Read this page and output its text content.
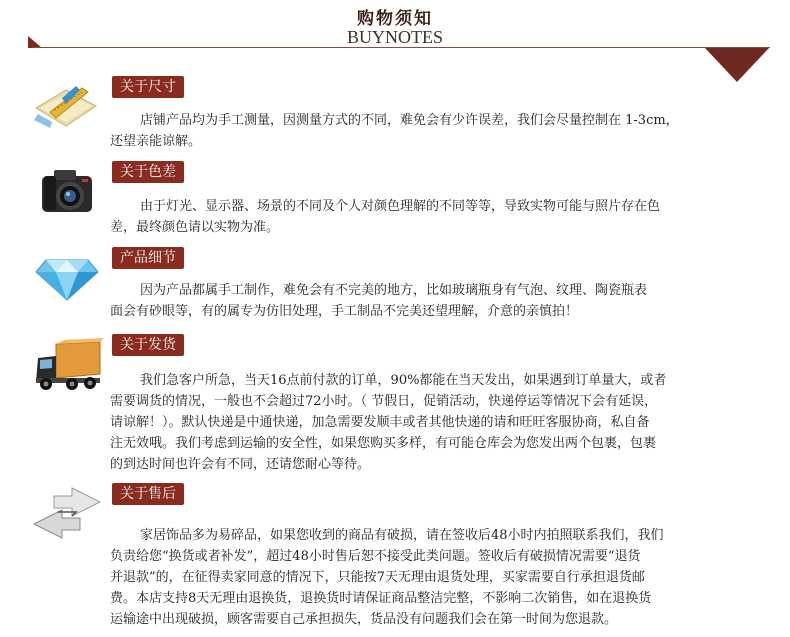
购物须知
BUYNOTES
关于尺寸
店铺产品均为手工测量，因测量方式的不同，难免会有少许误差，我们会尽量控制在 1-3cm，
还望亲能谅解。
关于色差
由于灯光、显示器、场景的不同及个人对颜色理解的不同等等，导致实物可能与照片存在色
差，最终颜色请以实物为准。
产品细节
因为产品都属手工制作，难免会有不完美的地方，比如玻璃瓶身有气泡、纹理、陶瓷瓶表
面会有砂眼等，有的属专为仿旧处理，手工制品不完美还望理解，介意的亲慎拍！
关于发货
我们急客户所急，当天16点前付款的订单，90%都能在当天发出，如果遇到订单量大，或者
需要调货的情况，一般也不会超过72小时。（ 节假日，促销活动，快递停运等情况下会有延误，
请谅解！）。默认快递是中通快递，加急需要发顺丰或者其他快递的请和旺旺客服协商，私自备
注无效哦。我们考虑到运输的安全性，如果您购买多样，有可能仓库会为您发出两个包裹，包裹
的到达时间也许会有不同，还请您耐心等待。
关于售后
家居饰品多为易碎品，如果您收到的商品有破损，请在签收后48小时内拍照联系我们，我们
负责给您“换货或者补发”，超过48小时售后恕不接受此类问题。签收后有破损情况需要“退货
并退款”的，在征得卖家同意的情况下，只能按7天无理由退货处理，买家需要自行承担退货邮
费。本店支持8天无理由退换货，退换货时请保证商品整洁完整，不影响二次销售，如在退换货
运输途中出现破损，顾客需要自己承担损失，货品没有问题我们会在第一时间为您退款。
